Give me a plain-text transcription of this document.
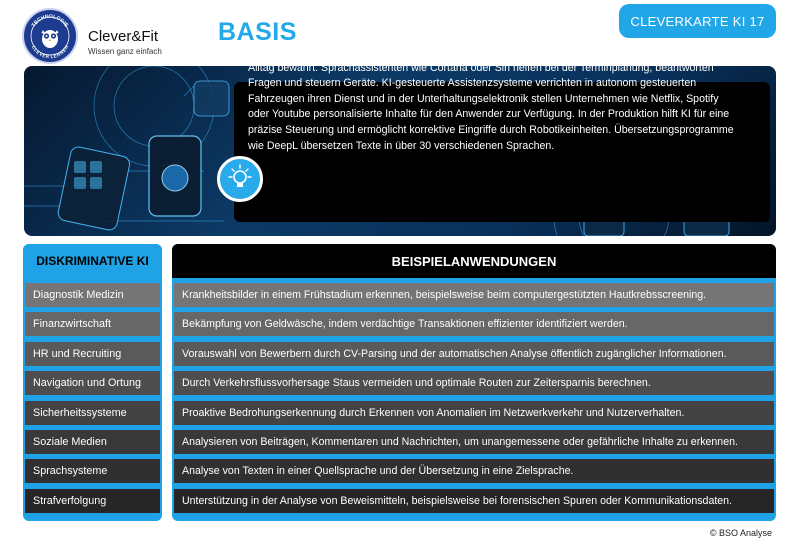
TECHNOLOGIE
CLEVER LERNEN
Clever&Fit
Wissen ganz einfach
CLEVERKARTE KI 17
BASISWISSEN
Anwendungen die diskriminative KI verwenden, sind seit vielen Jahren im Einsatz und haben sich im Alltag bewährt. Sprachassistenten wie Cortana oder Siri helfen bei der Terminplanung, beantworten Fragen und steuern Geräte. KI-gesteuerte Assistenzsysteme verrichten in autonom gesteuerten Fahrzeugen ihren Dienst und in der Unterhaltungselektronik stellen Unternehmen wie Netflix, Spotify oder Youtube personalisierte Inhalte für den Anwender zur Verfügung. In der Produktion hilft KI für eine präzise Steuerung und ermöglicht korrektive Eingriffe durch Robotikeinheiten. Übersetzungsprogramme wie DeepL übersetzen Texte in über 30 verschiedenen Sprachen.
DISKRIMINATIVE KI	BEISPIELANWENDUNGEN
Diagnostik Medizin	Krankheitsbilder in einem Frühstadium erkennen, beispielsweise beim computergestützten Hautkrebsscreening.
Finanzwirtschaft	Bekämpfung von Geldwäsche, indem verdächtige Transaktionen effizienter identifiziert werden.
HR und Recruiting	Vorauswahl von Bewerbern durch CV-Parsing und der automatischen Analyse öffentlich zugänglicher Informationen.
Navigation und Ortung	Durch Verkehrsflussvorhersage Staus vermeiden und optimale Routen zur Zeitersparnis berechnen.
Sicherheitssysteme	Proaktive Bedrohungserkennung durch Erkennen von Anomalien im Netzwerkverkehr und Nutzerverhalten.
Soziale Medien	Analysieren von Beiträgen, Kommentaren und Nachrichten, um unangemessene oder gefährliche Inhalte zu erkennen.
Sprachsysteme	Analyse von Texten in einer Quellsprache und der Übersetzung in eine Zielsprache.
Strafverfolgung	Unterstützung in der Analyse von Beweismitteln, beispielsweise bei forensischen Spuren oder Kommunikationsdaten.
© BSO Analyse
